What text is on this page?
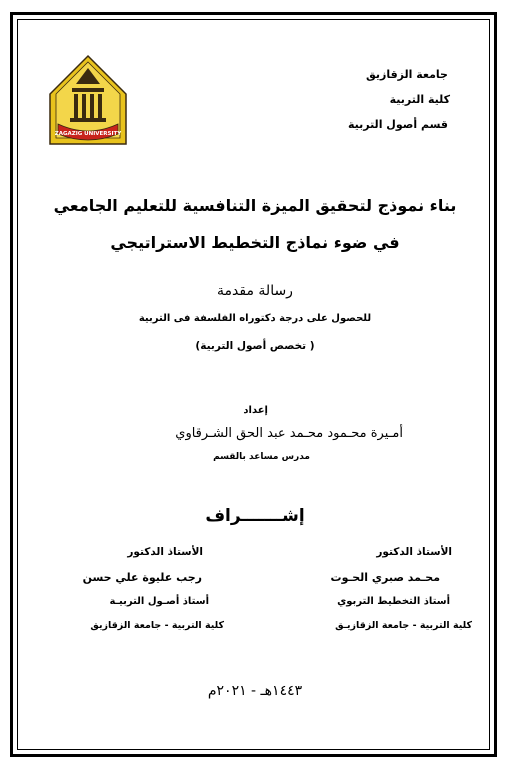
ZAGAZIG UNIVERSITY
جامعة الزقازيق
كلية التربية
قسم أصول التربية
بناء نموذج لتحقيق الميزة التنافسية للتعليم الجامعي
في ضوء نماذج التخطيط الاستراتيجي
رسالة مقدمة
للحصول على درجة دكتوراه الفلسفة فى التربية
( تخصص أصول التربية)
إعداد
أمـيرة محـمود محـمد عبد الحق الشـرقاوي
مدرس مساعد بالقسم
إشـــــــراف
الأستاذ الدكتور
محـمد صبري الحـوت
أستاذ التخطيط التربوي
كلية التربية - جامعة الزقازيـق
الأستاذ الدكتور
رجب عليوة علي حسن
أستاذ أصـول التربيـة
كلية التربية - جامعة الزقازيق
١٤٤٣هـ - ٢٠٢١م
